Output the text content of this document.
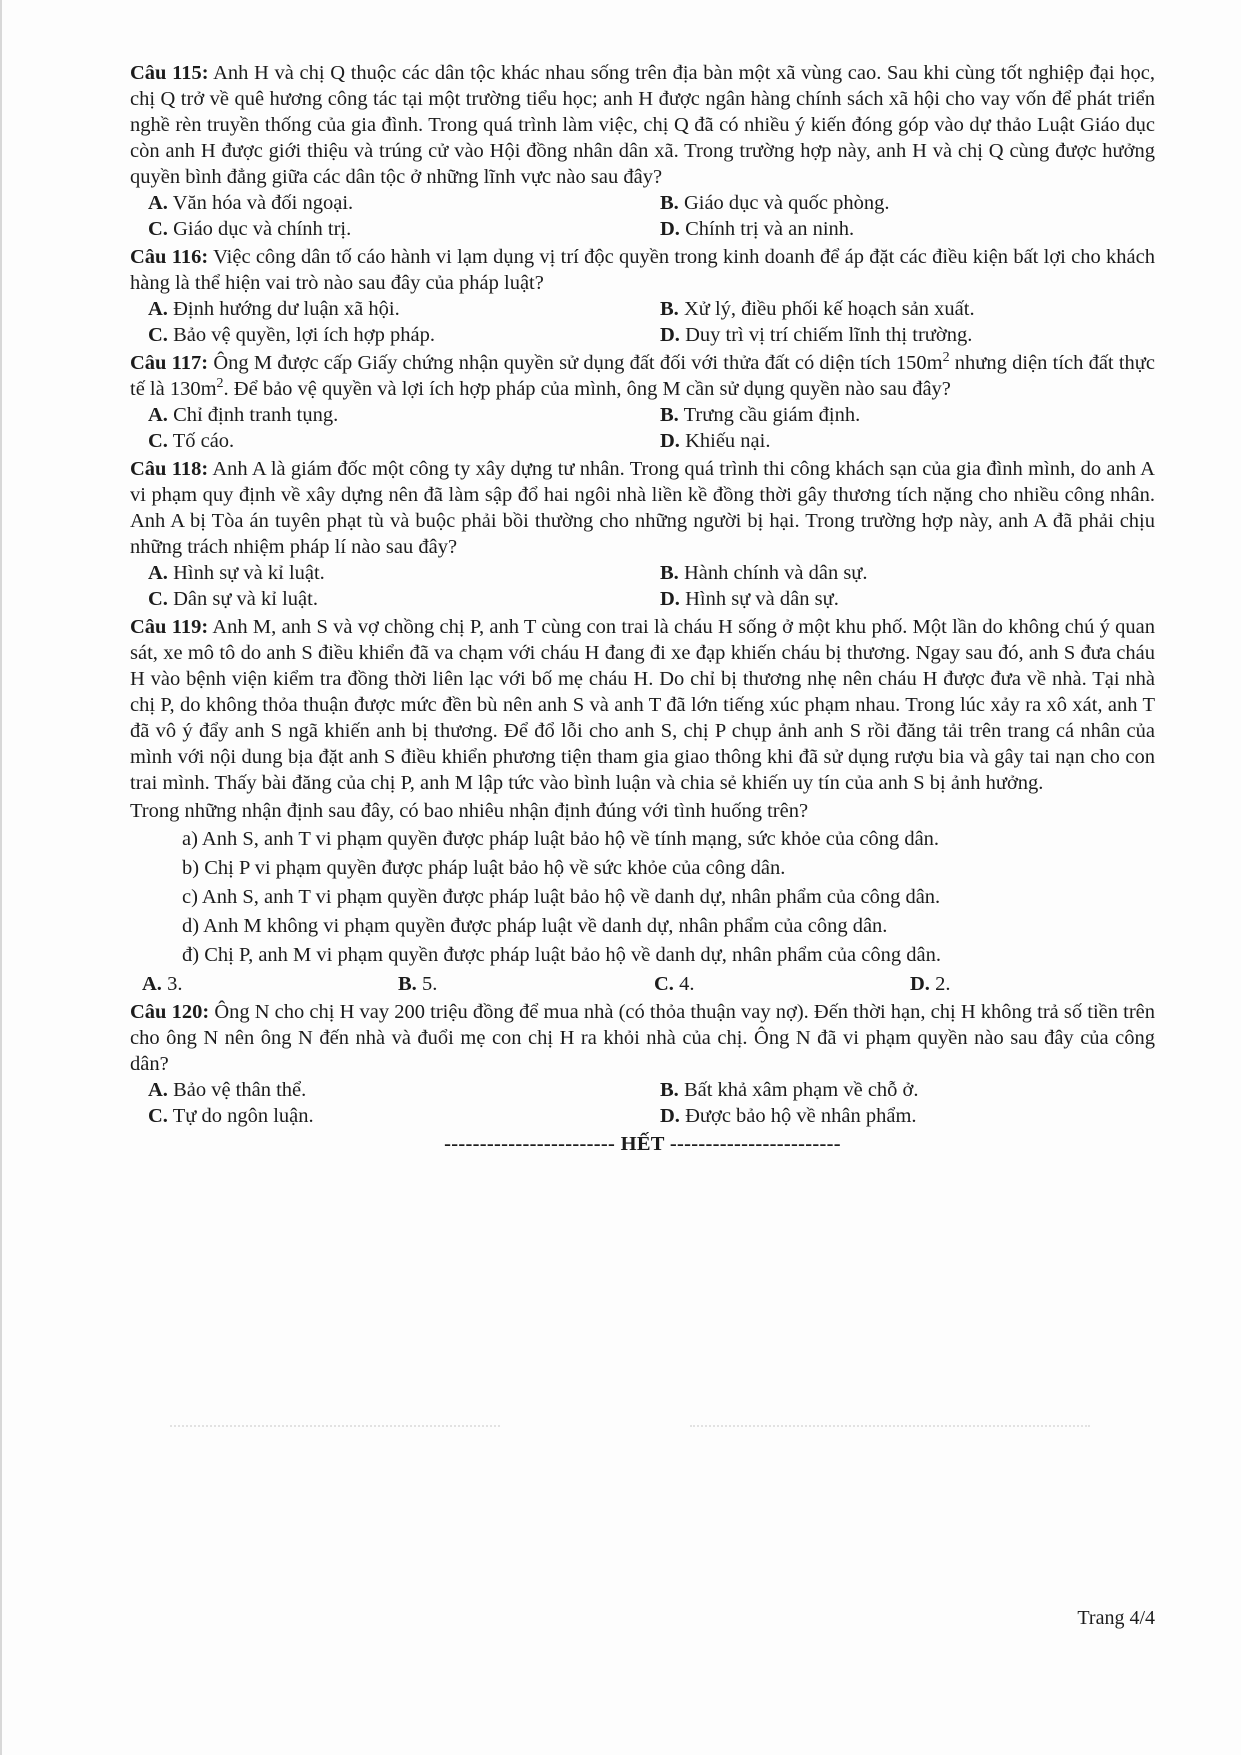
Câu 115: Anh H và chị Q thuộc các dân tộc khác nhau sống trên địa bàn một xã vùng cao. Sau khi cùng tốt nghiệp đại học, chị Q trở về quê hương công tác tại một trường tiểu học; anh H được ngân hàng chính sách xã hội cho vay vốn để phát triển nghề rèn truyền thống của gia đình. Trong quá trình làm việc, chị Q đã có nhiều ý kiến đóng góp vào dự thảo Luật Giáo dục còn anh H được giới thiệu và trúng cử vào Hội đồng nhân dân xã. Trong trường hợp này, anh H và chị Q cùng được hưởng quyền bình đẳng giữa các dân tộc ở những lĩnh vực nào sau đây?
A. Văn hóa và đối ngoại.	B. Giáo dục và quốc phòng.
C. Giáo dục và chính trị.	D. Chính trị và an ninh.
Câu 116: Việc công dân tố cáo hành vi lạm dụng vị trí độc quyền trong kinh doanh để áp đặt các điều kiện bất lợi cho khách hàng là thể hiện vai trò nào sau đây của pháp luật?
A. Định hướng dư luận xã hội.	B. Xử lý, điều phối kế hoạch sản xuất.
C. Bảo vệ quyền, lợi ích hợp pháp.	D. Duy trì vị trí chiếm lĩnh thị trường.
Câu 117: Ông M được cấp Giấy chứng nhận quyền sử dụng đất đối với thửa đất có diện tích $150m^2$ nhưng diện tích đất thực tế là $130m^2$. Để bảo vệ quyền và lợi ích hợp pháp của mình, ông M cần sử dụng quyền nào sau đây?
A. Chỉ định tranh tụng.	B. Trưng cầu giám định.
C. Tố cáo.	D. Khiếu nại.
Câu 118: Anh A là giám đốc một công ty xây dựng tư nhân. Trong quá trình thi công khách sạn của gia đình mình, do anh A vi phạm quy định về xây dựng nên đã làm sập đổ hai ngôi nhà liền kề đồng thời gây thương tích nặng cho nhiều công nhân. Anh A bị Tòa án tuyên phạt tù và buộc phải bồi thường cho những người bị hại. Trong trường hợp này, anh A đã phải chịu những trách nhiệm pháp lí nào sau đây?
A. Hình sự và kỉ luật.	B. Hành chính và dân sự.
C. Dân sự và kỉ luật.	D. Hình sự và dân sự.
Câu 119: Anh M, anh S và vợ chồng chị P, anh T cùng con trai là cháu H sống ở một khu phố. Một lần do không chú ý quan sát, xe mô tô do anh S điều khiển đã va chạm với cháu H đang đi xe đạp khiến cháu bị thương. Ngay sau đó, anh S đưa cháu H vào bệnh viện kiểm tra đồng thời liên lạc với bố mẹ cháu H. Do chỉ bị thương nhẹ nên cháu H được đưa về nhà. Tại nhà chị P, do không thỏa thuận được mức đền bù nên anh S và anh T đã lớn tiếng xúc phạm nhau. Trong lúc xảy ra xô xát, anh T đã vô ý đẩy anh S ngã khiến anh bị thương. Để đổ lỗi cho anh S, chị P chụp ảnh anh S rồi đăng tải trên trang cá nhân của mình với nội dung bịa đặt anh S điều khiển phương tiện tham gia giao thông khi đã sử dụng rượu bia và gây tai nạn cho con trai mình. Thấy bài đăng của chị P, anh M lập tức vào bình luận và chia sẻ khiến uy tín của anh S bị ảnh hưởng.
Trong những nhận định sau đây, có bao nhiêu nhận định đúng với tình huống trên?
a) Anh S, anh T vi phạm quyền được pháp luật bảo hộ về tính mạng, sức khỏe của công dân.
b) Chị P vi phạm quyền được pháp luật bảo hộ về sức khỏe của công dân.
c) Anh S, anh T vi phạm quyền được pháp luật bảo hộ về danh dự, nhân phẩm của công dân.
d) Anh M không vi phạm quyền được pháp luật về danh dự, nhân phẩm của công dân.
đ) Chị P, anh M vi phạm quyền được pháp luật bảo hộ về danh dự, nhân phẩm của công dân.
A. 3.	B. 5.	C. 4.	D. 2.
Câu 120: Ông N cho chị H vay 200 triệu đồng để mua nhà (có thỏa thuận vay nợ). Đến thời hạn, chị H không trả số tiền trên cho ông N nên ông N đến nhà và đuổi mẹ con chị H ra khỏi nhà của chị. Ông N đã vi phạm quyền nào sau đây của công dân?
A. Bảo vệ thân thể.	B. Bất khả xâm phạm về chỗ ở.
C. Tự do ngôn luận.	D. Được bảo hộ về nhân phẩm.
------------------------ HẾT ------------------------
Trang 4/4
